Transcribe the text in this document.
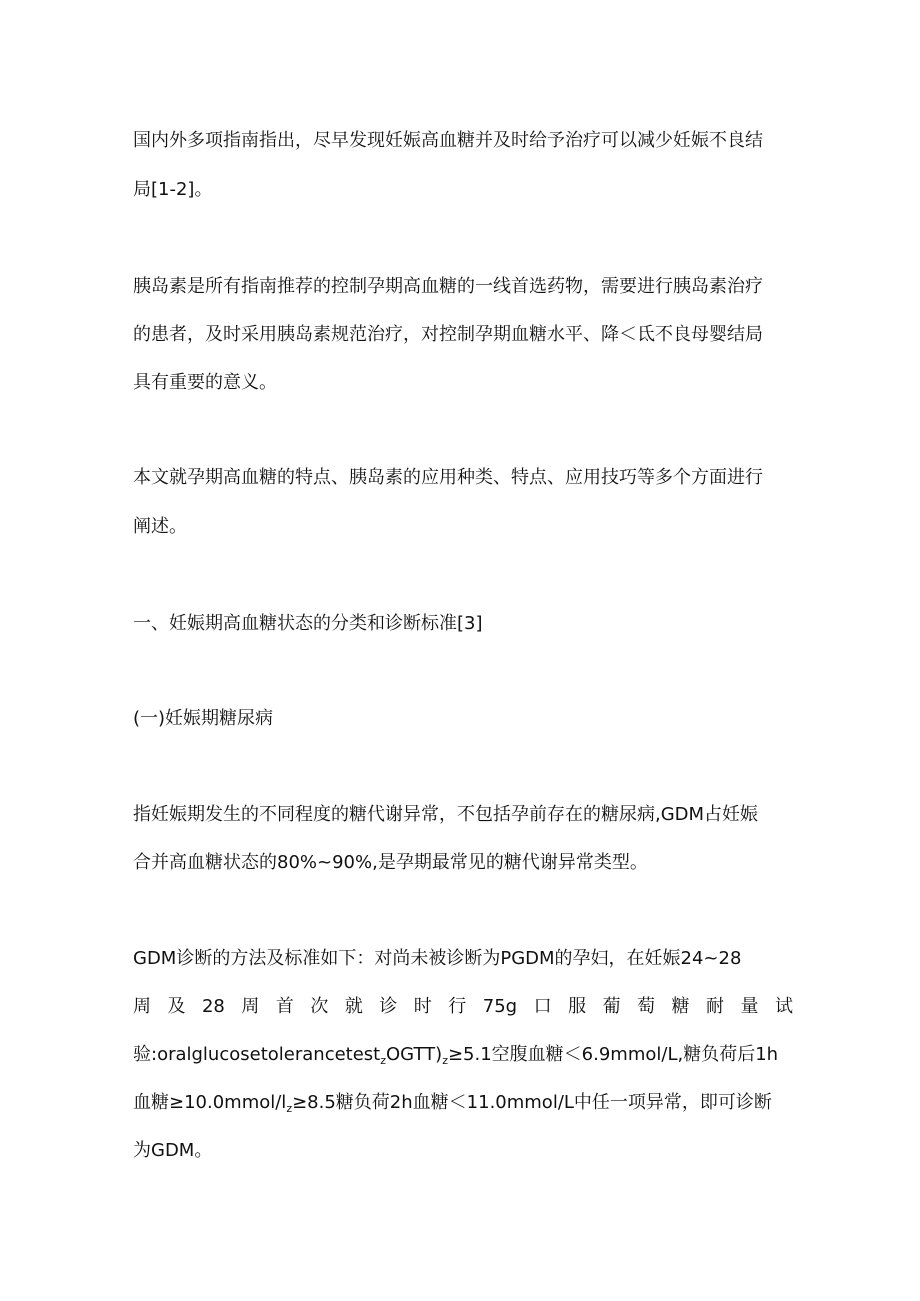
国内外多项指南指出，尽早发现妊娠高血糖并及时给予治疗可以减少妊娠不良结
局[1-2]。
胰岛素是所有指南推荐的控制孕期高血糖的一线首选药物，需要进行胰岛素治疗
的患者，及时采用胰岛素规范治疗，对控制孕期血糖水平、降＜氐不良母婴结局
具有重要的意义。
本文就孕期高血糖的特点、胰岛素的应用种类、特点、应用技巧等多个方面进行
阐述。
一、妊娠期高血糖状态的分类和诊断标准[3]
(一)妊娠期糖尿病
指妊娠期发生的不同程度的糖代谢异常，不包括孕前存在的糖尿病,GDM占妊娠
合并高血糖状态的80%~90%,是孕期最常见的糖代谢异常类型。
GDM诊断的方法及标准如下：对尚未被诊断为PGDM的孕妇，在妊娠24~28
周及28周首次就诊时行75g口服葡萄糖耐量试
验$:oralglucosetolerancetest_zOGTT)_z\ge 5.1$空腹血糖＜6.9mmol/L,糖负荷后1h
血糖$\ge 10.0mmol/l_z\ge 8.5$糖负荷2h血糖＜11.0mmol/L中任一项异常，即可诊断
为GDM。
